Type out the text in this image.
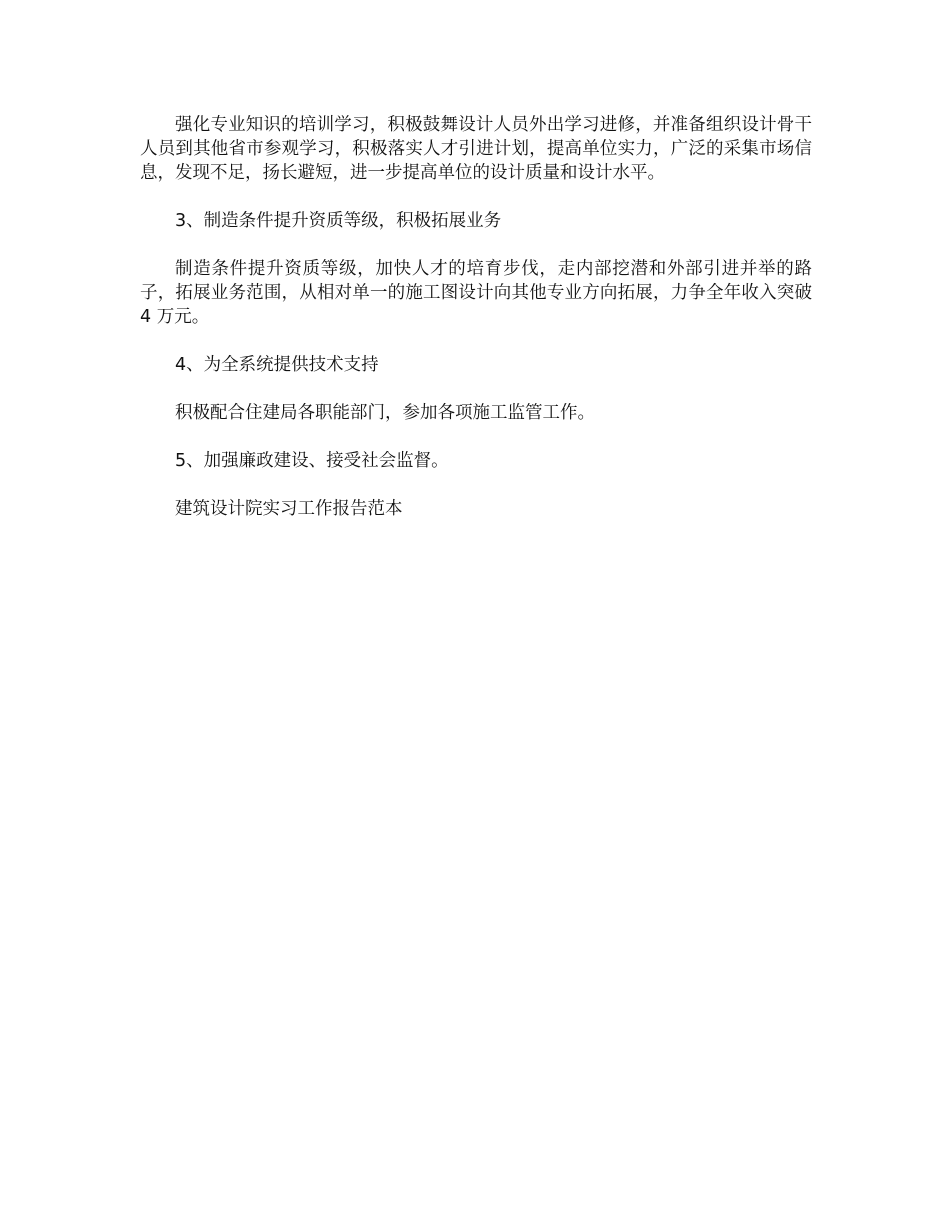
强化专业知识的培训学习，积极鼓舞设计人员外出学习进修，并准备组织设计骨干人员到其他省市参观学习，积极落实人才引进计划，提高单位实力，广泛的采集市场信息，发现不足，扬长避短，进一步提高单位的设计质量和设计水平。

3、制造条件提升资质等级，积极拓展业务

制造条件提升资质等级，加快人才的培育步伐，走内部挖潜和外部引进并举的路子，拓展业务范围，从相对单一的施工图设计向其他专业方向拓展，力争全年收入突破 4 万元。

4、为全系统提供技术支持

积极配合住建局各职能部门，参加各项施工监管工作。

5、加强廉政建设、接受社会监督。

建筑设计院实习工作报告范本
